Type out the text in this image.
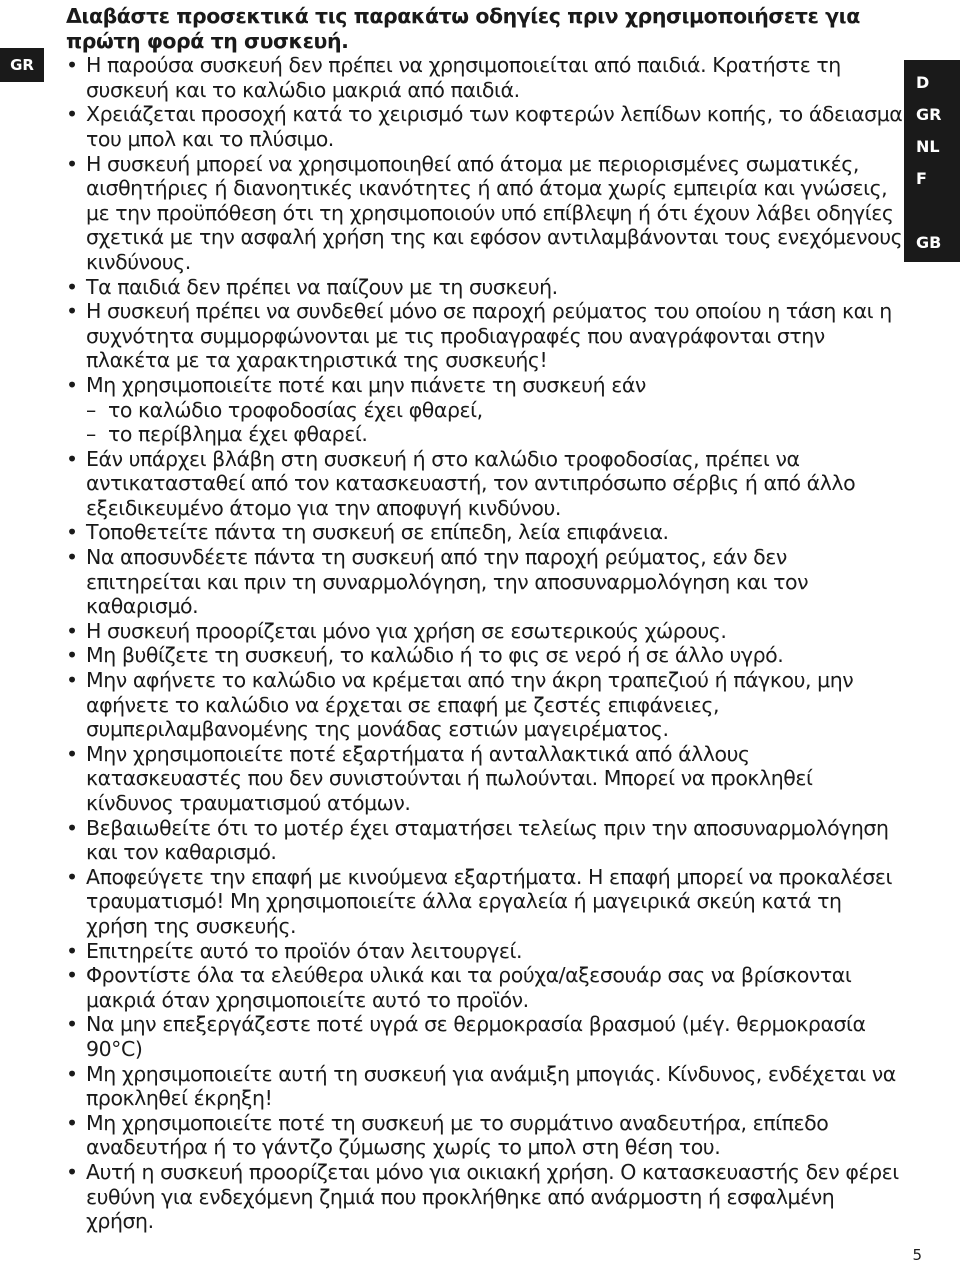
GR

Διαβάστε προσεκτικά τις παρακάτω οδηγίες πριν χρησιμοποιήσετε για πρώτη φορά τη συσκευή.

• Η παρούσα συσκευή δεν πρέπει να χρησιμοποιείται από παιδιά. Κρατήστε τη συσκευή και το καλώδιο μακριά από παιδιά.
• Χρειάζεται προσοχή κατά το χειρισμό των κοφτερών λεπίδων κοπής, το άδειασμα του μπολ και το πλύσιμο.
• Η συσκευή μπορεί να χρησιμοποιηθεί από άτομα με περιορισμένες σωματικές, αισθητήριες ή διανοητικές ικανότητες ή από άτομα χωρίς εμπειρία και γνώσεις, με την προϋπόθεση ότι τη χρησιμοποιούν υπό επίβλεψη ή ότι έχουν λάβει οδηγίες σχετικά με την ασφαλή χρήση της και εφόσον αντιλαμβάνονται τους ενεχόμενους κινδύνους.
• Τα παιδιά δεν πρέπει να παίζουν με τη συσκευή.
• Η συσκευή πρέπει να συνδεθεί μόνο σε παροχή ρεύματος του οποίου η τάση και η συχνότητα συμμορφώνονται με τις προδιαγραφές που αναγράφονται στην πλακέτα με τα χαρακτηριστικά της συσκευής!
• Μη χρησιμοποιείτε ποτέ και μην πιάνετε τη συσκευή εάν
– το καλώδιο τροφοδοσίας έχει φθαρεί,
– το περίβλημα έχει φθαρεί.
• Εάν υπάρχει βλάβη στη συσκευή ή στο καλώδιο τροφοδοσίας, πρέπει να αντικατασταθεί από τον κατασκευαστή, τον αντιπρόσωπο σέρβις ή από άλλο εξειδικευμένο άτομο για την αποφυγή κινδύνου.
• Τοποθετείτε πάντα τη συσκευή σε επίπεδη, λεία επιφάνεια.
• Να αποσυνδέετε πάντα τη συσκευή από την παροχή ρεύματος, εάν δεν επιτηρείται και πριν τη συναρμολόγηση, την αποσυναρμολόγηση και τον καθαρισμό.
• Η συσκευή προορίζεται μόνο για χρήση σε εσωτερικούς χώρους.
• Μη βυθίζετε τη συσκευή, το καλώδιο ή το φις σε νερό ή σε άλλο υγρό.
• Μην αφήνετε το καλώδιο να κρέμεται από την άκρη τραπεζιού ή πάγκου, μην αφήνετε το καλώδιο να έρχεται σε επαφή με ζεστές επιφάνειες, συμπεριλαμβανομένης της μονάδας εστιών μαγειρέματος.
• Μην χρησιμοποιείτε ποτέ εξαρτήματα ή ανταλλακτικά από άλλους κατασκευαστές που δεν συνιστούνται ή πωλούνται. Μπορεί να προκληθεί κίνδυνος τραυματισμού ατόμων.
• Βεβαιωθείτε ότι το μοτέρ έχει σταματήσει τελείως πριν την αποσυναρμολόγηση και τον καθαρισμό.
• Αποφεύγετε την επαφή με κινούμενα εξαρτήματα. Η επαφή μπορεί να προκαλέσει τραυματισμό! Μη χρησιμοποιείτε άλλα εργαλεία ή μαγειρικά σκεύη κατά τη χρήση της συσκευής.
• Επιτηρείτε αυτό το προϊόν όταν λειτουργεί.
• Φροντίστε όλα τα ελεύθερα υλικά και τα ρούχα/αξεσουάρ σας να βρίσκονται μακριά όταν χρησιμοποιείτε αυτό το προϊόν.
• Να μην επεξεργάζεστε ποτέ υγρά σε θερμοκρασία βρασμού (μέγ. θερμοκρασία 90°C)
• Μη χρησιμοποιείτε αυτή τη συσκευή για ανάμιξη μπογιάς. Κίνδυνος, ενδέχεται να προκληθεί έκρηξη!
• Μη χρησιμοποιείτε ποτέ τη συσκευή με το συρμάτινο αναδευτήρα, επίπεδο αναδευτήρα ή το γάντζο ζύμωσης χωρίς το μπολ στη θέση του.
• Αυτή η συσκευή προορίζεται μόνο για οικιακή χρήση. Ο κατασκευαστής δεν φέρει ευθύνη για ενδεχόμενη ζημιά που προκλήθηκε από ανάρμοστη ή εσφαλμένη χρήση.
D
GR
NL
F
GB
5
